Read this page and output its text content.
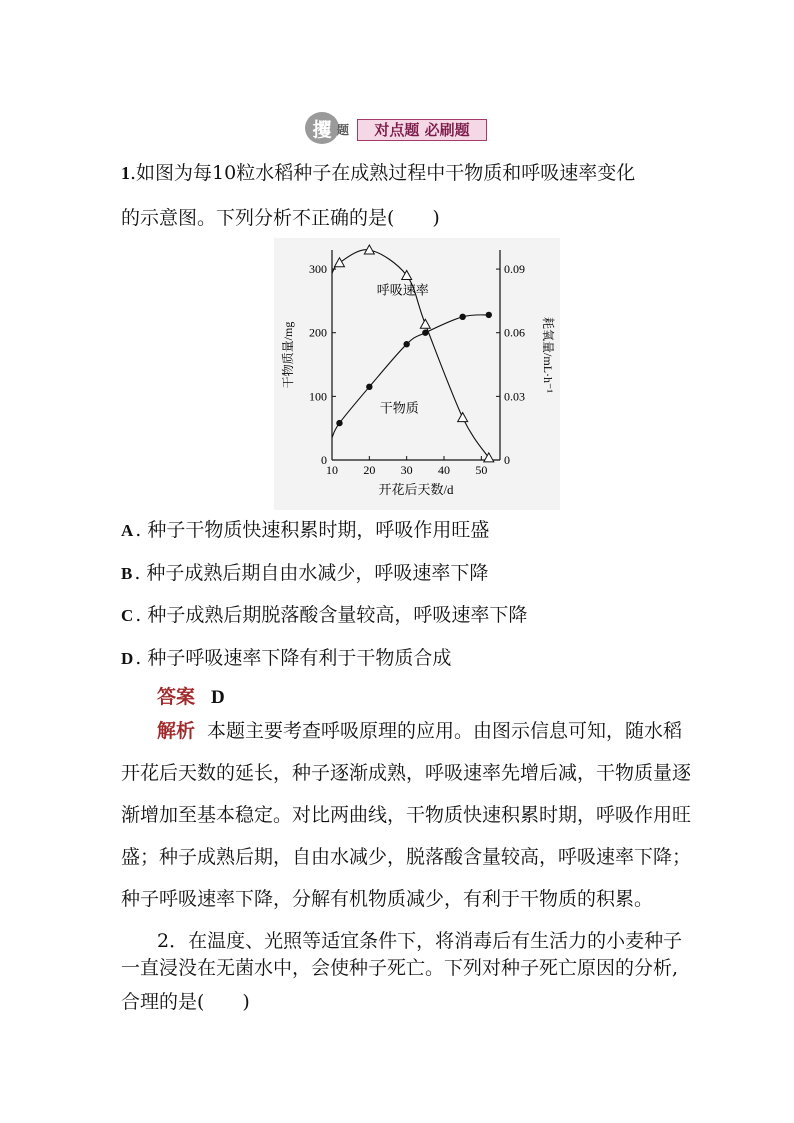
攫 题	对点题 必刷题
1.如图为每10粒水稻种子在成熟过程中干物质和呼吸速率变化
的示意图。下列分析不正确的是(　　)
10 20 30 40 50
开花后天数/d
0
100
200
300
干物质量/mg
0
0.03
0.06
0.09
耗氧量/mL·h⁻¹
呼吸速率
干物质
A . 种子干物质快速积累时期，呼吸作用旺盛
B . 种子成熟后期自由水减少，呼吸速率下降
C . 种子成熟后期脱落酸含量较高，呼吸速率下降
D . 种子呼吸速率下降有利于干物质合成
答案 D
解析 本题主要考查呼吸原理的应用。由图示信息可知，随水稻
开花后天数的延长，种子逐渐成熟，呼吸速率先增后减，干物质量逐
渐增加至基本稳定。对比两曲线，干物质快速积累时期，呼吸作用旺
盛；种子成熟后期，自由水减少，脱落酸含量较高，呼吸速率下降；
种子呼吸速率下降，分解有机物质减少，有利于干物质的积累。
2．在温度、光照等适宜条件下，将消毒后有生活力的小麦种子
一直浸没在无菌水中，会使种子死亡。下列对种子死亡原因的分析,
合理的是(　　)
